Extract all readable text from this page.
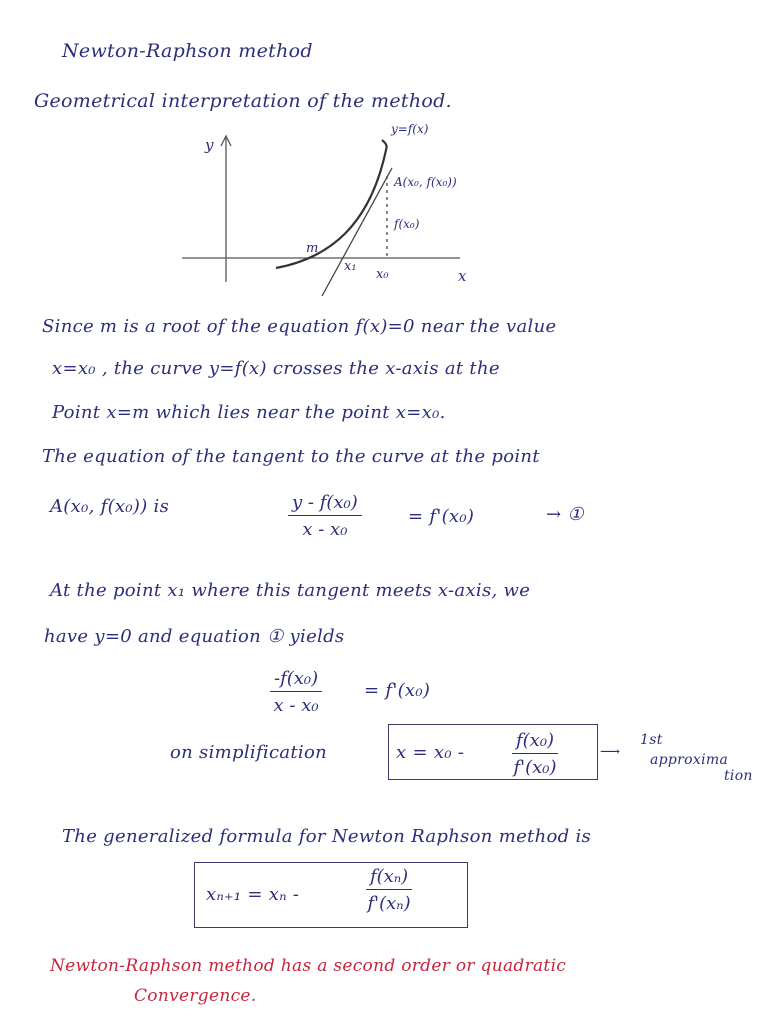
Newton-Raphson method
Geometrical interpretation of the method.
y
x
y=f(x)
A(x₀, f(x₀))
f(x₀)
m
x₁
x₀
Since m is a root of the equation f(x)=0 near the value
x=x₀ , the curve y=f(x) crosses the x-axis at the
Point x=m which lies near the point x=x₀.
The equation of the tangent to the curve at the point
A(x₀, f(x₀)) is	$\frac{\text{y - f(x₀)}}{\text{x - x₀}}$	= f'(x₀)	→ ①
At the point x₁ where this tangent meets x-axis, we
have y=0 and equation ① yields
$\frac{\text{-f(x₀)}}{\text{x - x₀}} = f'(x_0)$
on simplification	x = x₀ -	$\frac{\text{f(x₀)}}{\text{f'(x₀)}}$	⟶
1st
approxima
tion
The generalized formula for Newton Raphson method is
xₙ₊₁ = xₙ -	$\frac{\text{f(xₙ)}}{\text{f'(xₙ)}}$
Newton-Raphson method has a second order or quadratic
Convergence.
